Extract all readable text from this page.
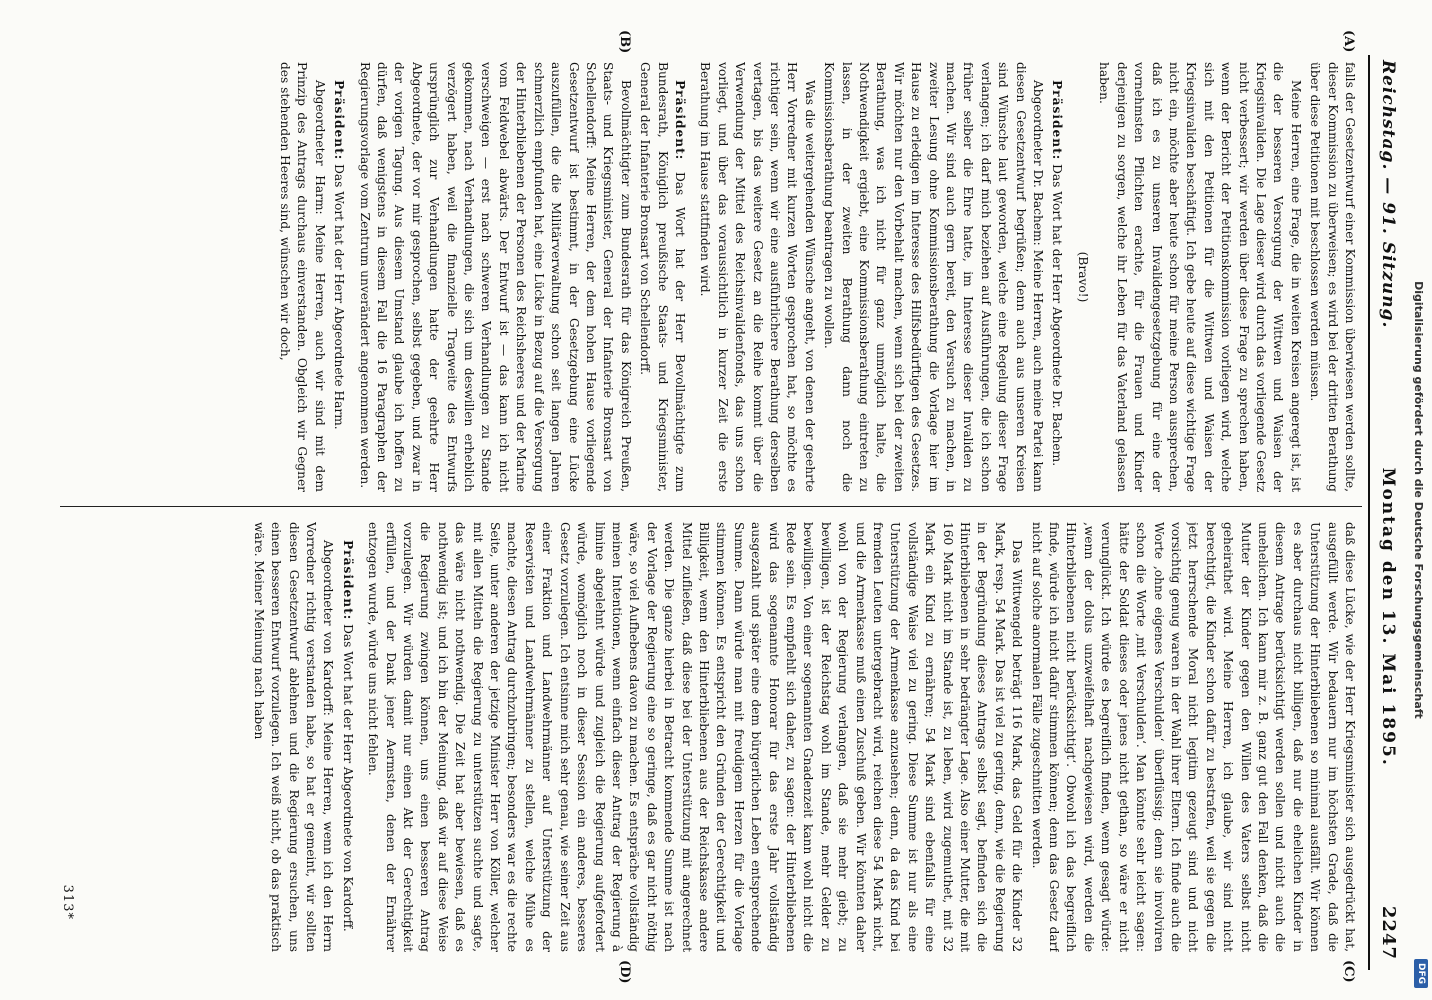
Digitalisierung gefördert durch die Deutsche Forschungsgemeinschaft
DFG
Reichstag. — 91. Sitzung.
Montag den 13. Mai 1895.
2247
(A)
(B)
(C)
(D)

falls der Gesetzentwurf einer Kommission überwiesen werden sollte, dieser Kommission zu überweisen; es wird bei der dritten Berathung über diese Petitionen mit beschlossen werden müssen.

Meine Herren, eine Frage, die in weiten Kreisen angeregt ist, ist die der besseren Versorgung der Wittwen und Waisen der Kriegsinvaliden. Die Lage dieser wird durch das vorliegende Gesetz nicht verbessert; wir werden über diese Frage zu sprechen haben, wenn der Bericht der Petitionskommission vorliegen wird, welche sich mit den Petitionen für die Wittwen und Waisen der Kriegsinvaliden beschäftigt. Ich gebe heute auf diese wichtige Frage nicht ein, möchte aber heute schon für meine Person aussprechen, daß ich es zu unseren Invalidengesetzgebung für eine der vornehmsten Pflichten erachte, für die Frauen und Kinder derjenigen zu sorgen, welche ihr Leben für das Vaterland gelassen haben.

(Bravo!)

Präsident: Das Wort hat der Herr Abgeordnete Dr. Bachem.

Abgeordneter Dr. Bachem: Meine Herren, auch meine Partei kann diesen Gesetzentwurf begrüßen; denn auch aus unseren Kreisen sind Wünsche laut geworden, welche eine Regelung dieser Frage verlangen; ich darf mich beziehen auf Ausführungen, die ich schon früher selber die Ehre hatte, im Interesse dieser Invaliden zu machen. Wir sind auch gern bereit, den Versuch zu machen, in zweiter Lesung ohne Kommissionsberathung die Vorlage hier im Hause zu erledigen im Interesse des Hilfsbedürftigen des Gesetzes. Wir möchten nur den Vorbehalt machen, wenn sich bei der zweiten Berathung, was ich nicht für ganz unmöglich halte, die Nothwendigkeit ergiebt, eine Kommissionsberathung eintreten zu lassen, in der zweiten Berathung dann noch die Kommissionsberathung beantragen zu wollen.

Was die weitergehenden Wünsche angeht, von denen der geehrte Herr Vorredner mit kurzen Worten gesprochen hat, so möchte es richtiger sein, wenn wir eine ausführlichere Berathung derselben vertagen, bis das weitere Gesetz an die Reihe kommt über die Verwendung der Mittel des Reichsinvalidenfonds, das uns schon vorliegt, und über das voraussichtlich in kurzer Zeit die erste Berathung im Hause stattfinden wird.

Präsident: Das Wort hat der Herr Bevollmächtigte zum Bundesrath, Königlich preußische Staats- und Kriegsminister, General der Infanterie Bronsart von Schellendorff.

Bevollmächtigter zum Bundesrath für das Königreich Preußen, Staats- und Kriegsminister, General der Infanterie Bronsart von Schellendorff: Meine Herren, der dem hohen Hause vorliegende Gesetzentwurf ist bestimmt, in der Gesetzgebung eine Lücke auszufüllen, die die Militärverwaltung schon seit langen Jahren schmerzlich empfunden hat, eine Lücke in Bezug auf die Versorgung der Hinterbliebenen der Personen des Reichsheeres und der Marine vom Feldwebel abwärts. Der Entwurf ist — das kann ich nicht verschweigen — erst nach schweren Verhandlungen zu Stande gekommen, nach Verhandlungen, die sich um deswillen erheblich verzögert haben, weil die finanzielle Tragweite des Entwurfs ursprünglich zur Verhandlungen hatte der geehrte Herr Abgeordnete, der vor mir gesprochen, selbst gegeben, und zwar in der vorigen Tagung. Aus diesem Umstand glaube ich hoffen zu dürfen, daß wenigstens in diesem Fall die 16 Paragraphen der Regierungsvorlage vom Zentrum unverändert angenommen werden.

Präsident: Das Wort hat der Herr Abgeordnete Harm.

Abgeordneter Harm: Meine Herren, auch wir sind mit dem Prinzip des Antrags durchaus einverstanden. Obgleich wir Gegner des stehenden Heeres sind, wünschen wir doch,

daß diese Lücke, wie der Herr Kriegsminister sich ausgedrückt hat, ausgefüllt werde. Wir bedauern nur im höchsten Grade, daß die Unterstützung der Hinterbliebenen so minimal ausfällt. Wir können es aber durchaus nicht billigen, daß nur die ehelichen Kinder in diesem Antrage berücksichtigt werden sollen und nicht auch die unehelichen. Ich kann mir z. B. ganz gut den Fall denken, daß die Mutter der Kinder gegen den Willen des Vaters selbst nicht geheirathet wird. Meine Herren, ich glaube, wir sind nicht berechtigt, die Kinder schon dafür zu bestrafen, weil sie gegen die jetzt herrschende Moral nicht legitim gezeugt sind und nicht vorsichtig genug waren in der Wahl ihrer Eltern. Ich finde auch die Worte ‚ohne eigenes Verschulden‘ überflüssig; denn sie involviren schon die Worte ‚mit Verschulden‘. Man könnte sehr leicht sagen: hätte der Soldat dieses oder jenes nicht gethan, so wäre er nicht verunglückt. Ich würde es begreiflich finden, wenn gesagt würde: ‚wenn der dolus unzweifelhaft nachgewiesen wird, werden die Hinterbliebenen nicht berücksichtigt‘. Obwohl ich das begreiflich finde, würde ich nicht dafür stimmen können; denn das Gesetz darf nicht auf solche anormalen Fälle zugeschnitten werden.

Das Wittwengeld beträgt 116 Mark, das Geld für die Kinder 32 Mark, resp. 54 Mark. Das ist viel zu gering, denn, wie die Regierung in der Begründung dieses Antrags selbst sagt, befinden sich die Hinterbliebenen in sehr bedrängter Lage. Also einer Mutter, die mit 160 Mark nicht im Stande ist, zu leben, wird zugemuthet, mit 32 Mark ein Kind zu ernähren; 54 Mark sind ebenfalls für eine vollständige Waise viel zu gering. Diese Summe ist nur als eine Unterstützung der Armenkasse anzusehen; denn, da das Kind bei fremden Leuten untergebracht wird, reichen diese 54 Mark nicht, und die Armenkasse muß einen Zuschuß geben. Wir könnten daher wohl von der Regierung verlangen, daß sie mehr giebt; zu bewilligen, ist der Reichstag wohl im Stande, mehr Gelder zu bewilligen. Von einer sogenannten Gnadenzeit kann wohl nicht die Rede sein. Es empfiehlt sich daher, zu sagen: der Hinterbliebenen wird das sogenannte Honorar für das erste Jahr vollständig ausgezahlt und später eine dem bürgerlichen Leben entsprechende Summe. Dann würde man mit freudigem Herzen für die Vorlage stimmen können. Es entspricht den Gründen der Gerechtigkeit und Billigkeit, wenn den Hinterbliebenen aus der Reichskasse andere Mittel zufließen, daß diese bei der Unterstützung mit angerechnet werden. Die ganze hierbei in Betracht kommende Summe ist nach der Vorlage der Regierung eine so geringe, daß es gar nicht nöthig wäre, so viel Aufhebens davon zu machen. Es entspräche vollständig meinen Intentionen, wenn einfach dieser Antrag der Regierung à limine abgelehnt würde und zugleich die Regierung aufgefordert würde, womöglich noch in dieser Session ein anderes, besseres Gesetz vorzulegen. Ich entsinne mich sehr genau, wie seiner Zeit aus einer Fraktion und Landwehrmänner auf Unterstützung der Reservisten und Landwehrmänner zu stellen, welche Mühe es machte, diesen Antrag durchzubringen; besonders war es die rechte Seite, unter anderen der jetzige Minister Herr von Köller, welcher mit allen Mitteln die Regierung zu unterstützen suchte und sagte, das wäre nicht nothwendig. Die Zeit hat aber bewiesen, daß es nothwendig ist; und ich bin der Meinung, daß wir auf diese Weise die Regierung zwingen können, uns einen besseren Antrag vorzulegen. Wir würden damit nur einen Akt der Gerechtigkeit erfüllen, und der Dank jener Aermsten, denen der Ernährer entzogen wurde, würde uns nicht fehlen.

Präsident: Das Wort hat der Herr Abgeordnete von Kardorff.

Abgeordneter von Kardorff: Meine Herren, wenn ich den Herrn Vorredner richtig verstanden habe, so hat er gemeint, wir sollten diesen Gesetzentwurf ablehnen und die Regierung ersuchen, uns einen besseren Entwurf vorzulegen. Ich weiß nicht, ob das praktisch wäre. Meiner Meinung nach haben

313*
